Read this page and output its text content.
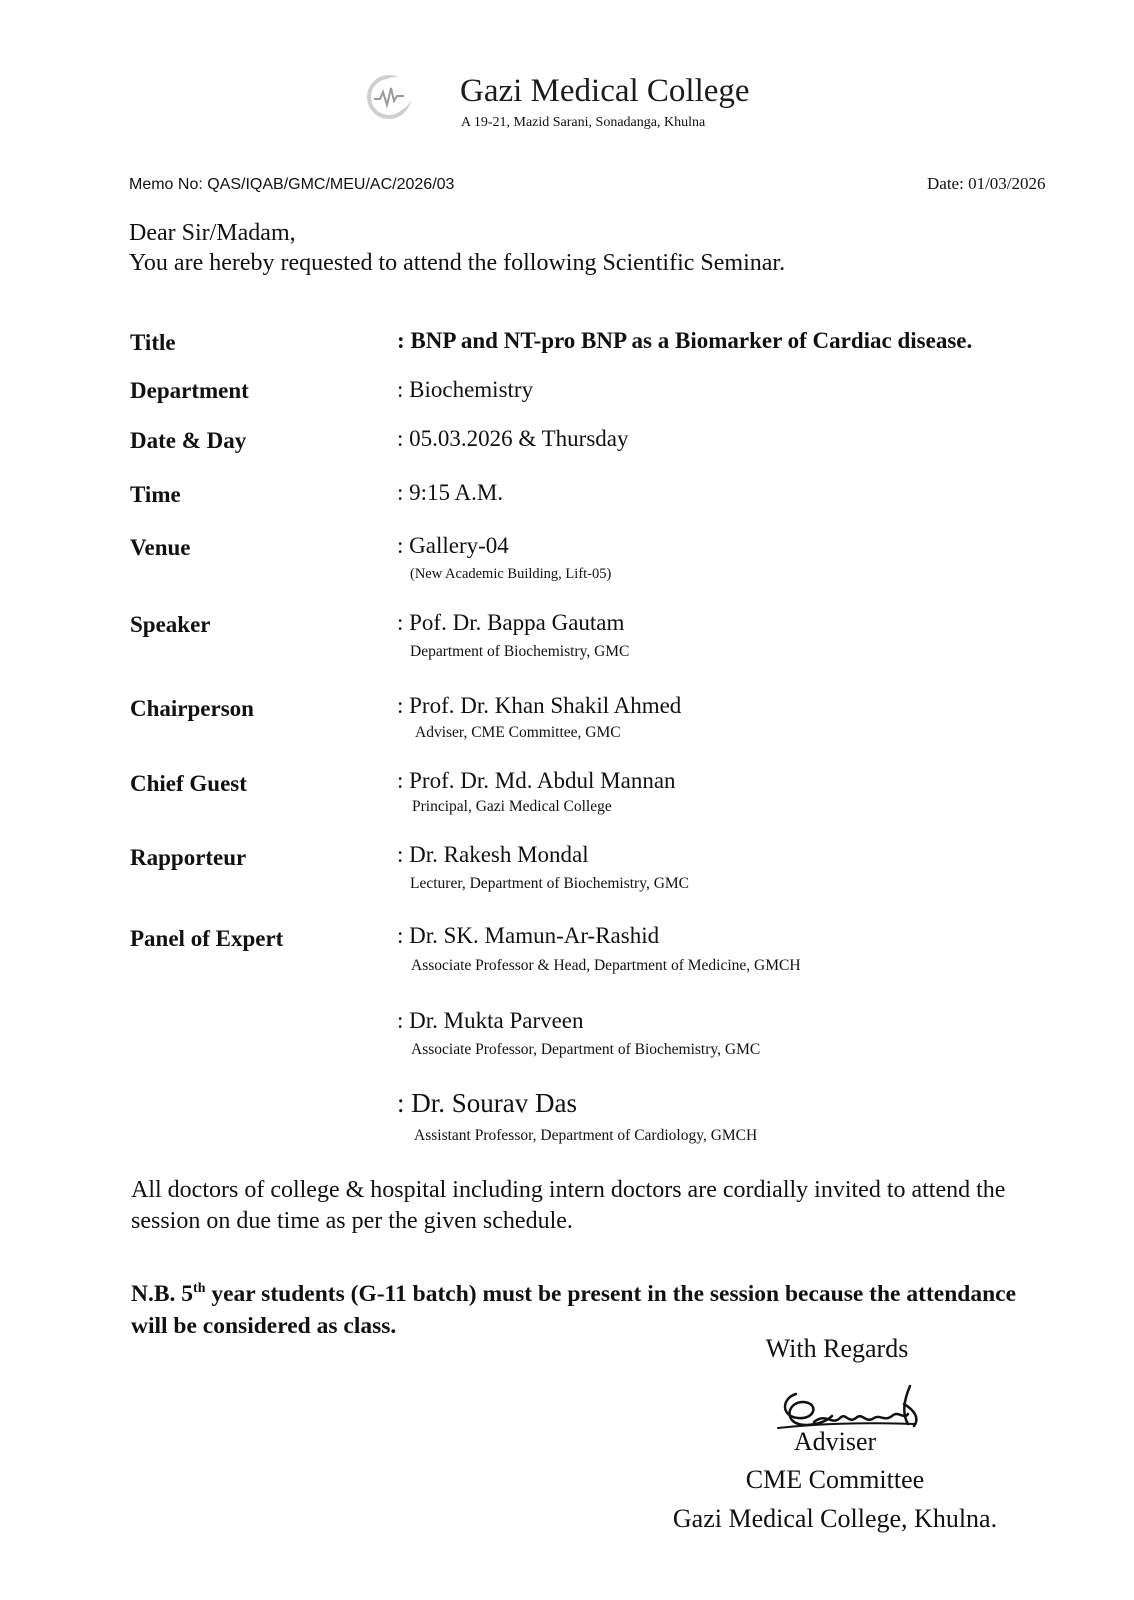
Gazi Medical College
A 19-21, Mazid Sarani, Sonadanga, Khulna
Memo No: QAS/IQAB/GMC/MEU/AC/2026/03	Date: 01/03/2026
Dear Sir/Madam,
You are hereby requested to attend the following Scientific Seminar.
Title	: BNP and NT-pro BNP as a Biomarker of Cardiac disease.
Department	: Biochemistry
Date & Day	: 05.03.2026 & Thursday
Time	: 9:15 A.M.
Venue	: Gallery-04
(New Academic Building, Lift-05)
Speaker	: Pof. Dr. Bappa Gautam
Department of Biochemistry, GMC
Chairperson	: Prof. Dr. Khan Shakil Ahmed
Adviser, CME Committee, GMC
Chief Guest	: Prof. Dr. Md. Abdul Mannan
Principal, Gazi Medical College
Rapporteur	: Dr. Rakesh Mondal
Lecturer, Department of Biochemistry, GMC
Panel of Expert	: Dr. SK. Mamun-Ar-Rashid
Associate Professor & Head, Department of Medicine, GMCH
: Dr. Mukta Parveen
Associate Professor, Department of Biochemistry, GMC
: Dr. Sourav Das
Assistant Professor, Department of Cardiology, GMCH
All doctors of college & hospital including intern doctors are cordially invited to attend the session on due time as per the given schedule.
N.B. 5th year students (G-11 batch) must be present in the session because the attendance will be considered as class.
With Regards
Adviser
CME Committee
Gazi Medical College, Khulna.
